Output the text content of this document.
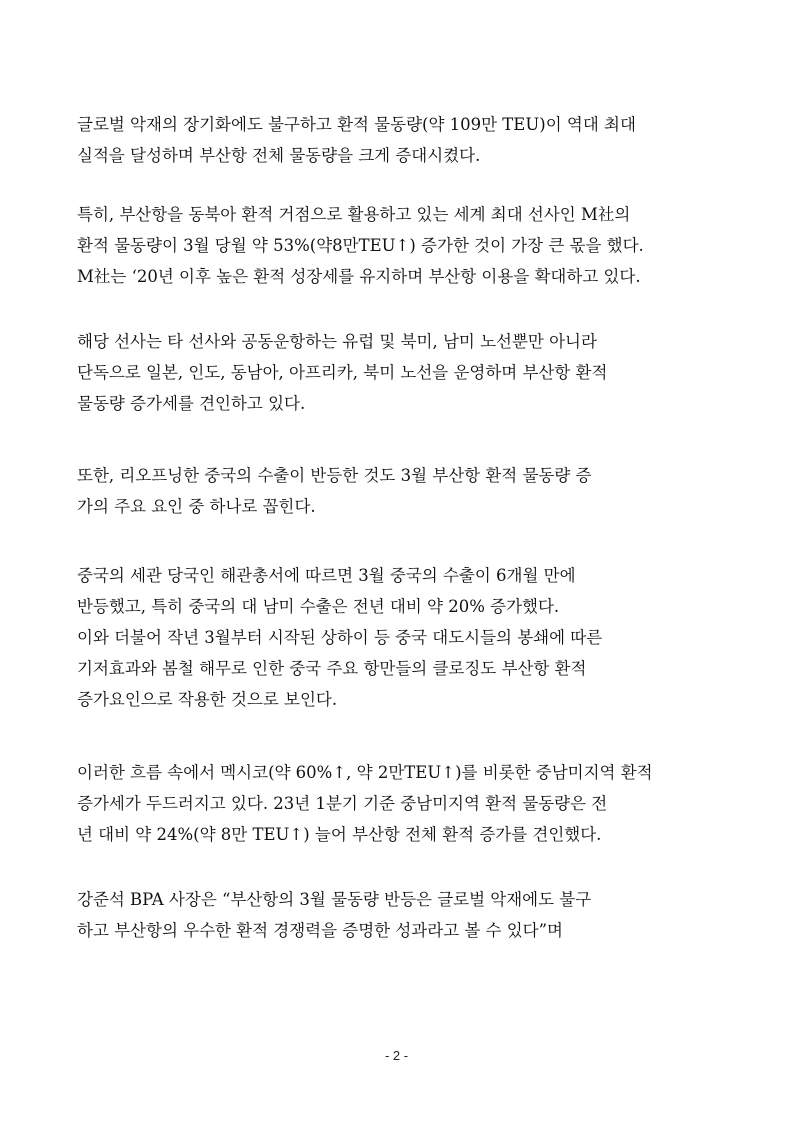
글로벌 악재의 장기화에도 불구하고 환적 물동량(약 109만 TEU)이 역대 최대
실적을 달성하며 부산항 전체 물동량을 크게 증대시켰다.
특히, 부산항을 동북아 환적 거점으로 활용하고 있는 세계 최대 선사인 M社의
환적 물동량이 3월 당월 약 53%(약8만TEU↑) 증가한 것이 가장 큰 몫을 했다.
M社는 ‘20년 이후 높은 환적 성장세를 유지하며 부산항 이용을 확대하고 있다.
해당 선사는 타 선사와 공동운항하는 유럽 및 북미, 남미 노선뿐만 아니라
단독으로 일본, 인도, 동남아, 아프리카, 북미 노선을 운영하며 부산항 환적
물동량 증가세를 견인하고 있다.
또한, 리오프닝한 중국의 수출이 반등한 것도 3월 부산항 환적 물동량 증
가의 주요 요인 중 하나로 꼽힌다.
중국의 세관 당국인 해관총서에 따르면 3월 중국의 수출이 6개월 만에
반등했고, 특히 중국의 대 남미 수출은 전년 대비 약 20% 증가했다.
이와 더불어 작년 3월부터 시작된 상하이 등 중국 대도시들의 봉쇄에 따른
기저효과와 봄철 해무로 인한 중국 주요 항만들의 클로징도 부산항 환적
증가요인으로 작용한 것으로 보인다.
이러한 흐름 속에서 멕시코(약 60%↑, 약 2만TEU↑)를 비롯한 중남미지역 환적
증가세가 두드러지고 있다. 23년 1분기 기준 중남미지역 환적 물동량은 전
년 대비 약 24%(약 8만 TEU↑) 늘어 부산항 전체 환적 증가를 견인했다.
강준석 BPA 사장은 “부산항의 3월 물동량 반등은 글로벌 악재에도 불구
하고 부산항의 우수한 환적 경쟁력을 증명한 성과라고 볼 수 있다”며
- 2 -
